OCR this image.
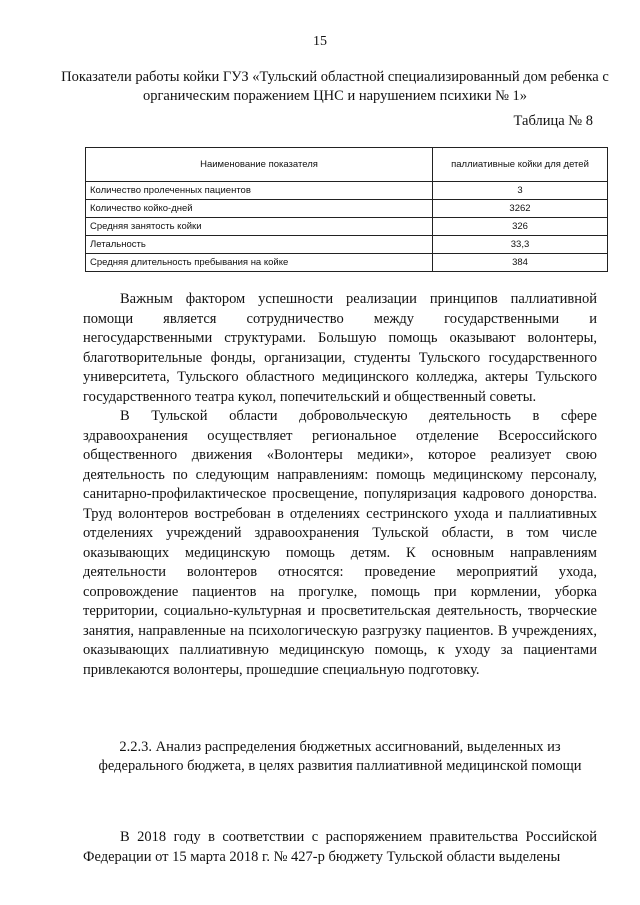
15
Показатели работы койки ГУЗ «Тульский областной специализированный дом ребенка с органическим поражением ЦНС и нарушением психики № 1»
Таблица № 8
Наименование показателя	паллиативные койки для детей
Количество пролеченных пациентов	3
Количество койко-дней	3262
Средняя занятость койки	326
Летальность	33,3
Средняя длительность пребывания на койке	384

Важным фактором успешности реализации принципов паллиативной помощи является сотрудничество между государственными и негосударственными структурами. Большую помощь оказывают волонтеры, благотворительные фонды, организации, студенты Тульского государственного университета, Тульского областного медицинского колледжа, актеры Тульского государственного театра кукол, попечительский и общественный советы.

В Тульской области добровольческую деятельность в сфере здравоохранения осуществляет региональное отделение Всероссийского общественного движения «Волонтеры медики», которое реализует свою деятельность по следующим направлениям: помощь медицинскому персоналу, санитарно-профилактическое просвещение, популяризация кадрового донорства. Труд волонтеров востребован в отделениях сестринского ухода и паллиативных отделениях учреждений здравоохранения Тульской области, в том числе оказывающих медицинскую помощь детям. К основным направлениям деятельности волонтеров относятся: проведение мероприятий ухода, сопровождение пациентов на прогулке, помощь при кормлении, уборка территории, социально-культурная и просветительская деятельность, творческие занятия, направленные на психологическую разгрузку пациентов. В учреждениях, оказывающих паллиативную медицинскую помощь, к уходу за пациентами привлекаются волонтеры, прошедшие специальную подготовку.

2.2.3. Анализ распределения бюджетных ассигнований, выделенных из федерального бюджета, в целях развития паллиативной медицинской помощи

В 2018 году в соответствии с распоряжением правительства Российской Федерации от 15 марта 2018 г. № 427-р бюджету Тульской области выделены
